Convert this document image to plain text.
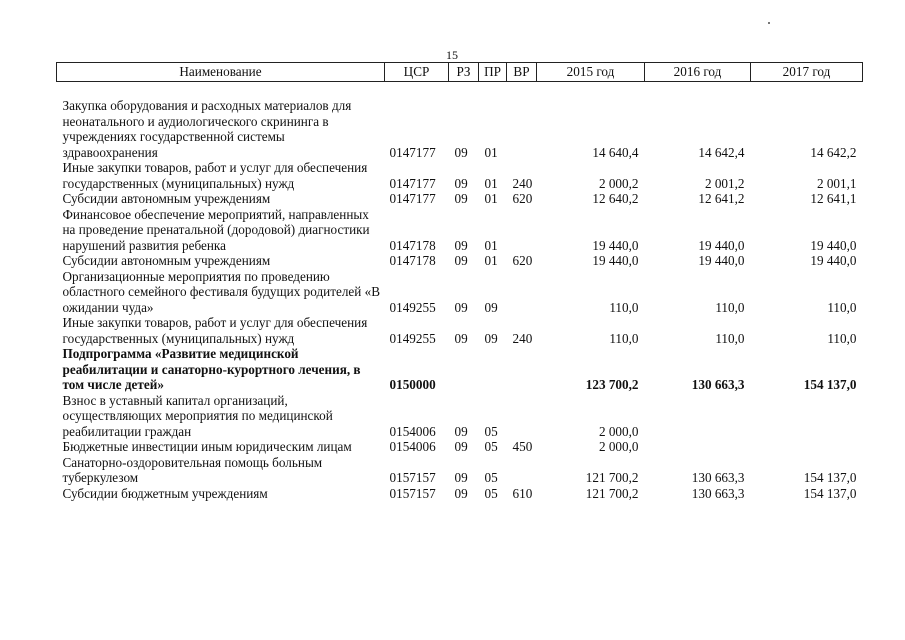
15
Наименование	ЦСР	РЗ	ПР	ВР	2015 год	2016 год	2017 год
Закупка оборудования и расходных материалов для неонатального и аудиологического скрининга в учреждениях государственной системы здравоохранения	0147177	09	01		14 640,4	14 642,4	14 642,2
Иные закупки товаров, работ и услуг для обеспечения государственных (муниципальных) нужд	0147177	09	01	240	2 000,2	2 001,2	2 001,1
Субсидии автономным учреждениям	0147177	09	01	620	12 640,2	12 641,2	12 641,1
Финансовое обеспечение мероприятий, направленных на проведение пренатальной (дородовой) диагностики нарушений развития ребенка	0147178	09	01		19 440,0	19 440,0	19 440,0
Субсидии автономным учреждениям	0147178	09	01	620	19 440,0	19 440,0	19 440,0
Организационные мероприятия по проведению областного семейного фестиваля будущих родителей «В ожидании чуда»	0149255	09	09		110,0	110,0	110,0
Иные закупки товаров, работ и услуг для обеспечения государственных (муниципальных) нужд	0149255	09	09	240	110,0	110,0	110,0
Подпрограмма «Развитие медицинской реабилитации и санаторно-курортного лечения, в том числе детей»	0150000				123 700,2	130 663,3	154 137,0
Взнос в уставный капитал организаций, осуществляющих мероприятия по медицинской реабилитации граждан	0154006	09	05		2 000,0		
Бюджетные инвестиции иным юридическим лицам	0154006	09	05	450	2 000,0		
Санаторно-оздоровительная помощь больным туберкулезом	0157157	09	05		121 700,2	130 663,3	154 137,0
Субсидии бюджетным учреждениям	0157157	09	05	610	121 700,2	130 663,3	154 137,0
